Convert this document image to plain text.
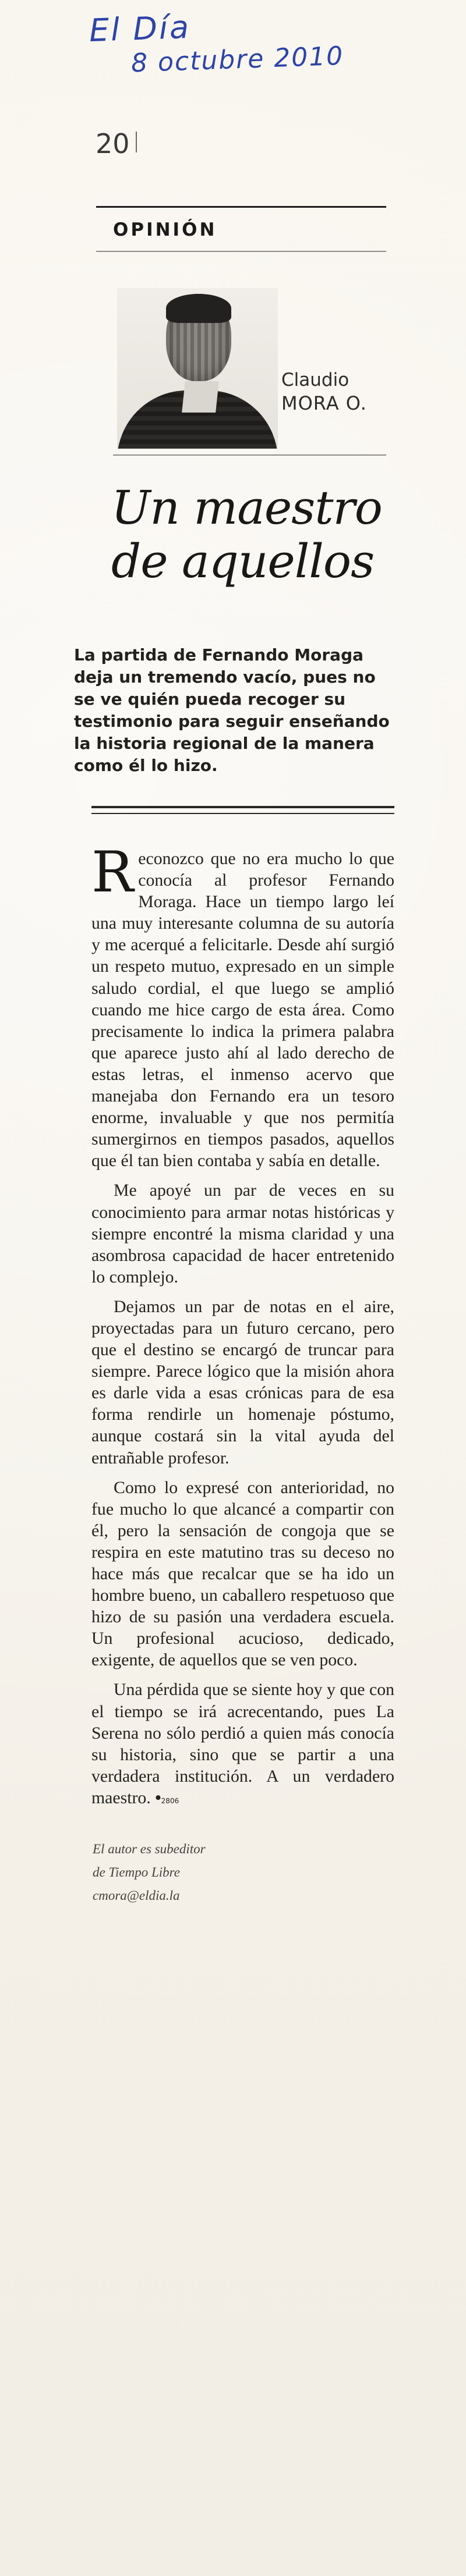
El Día
8 octubre 2010
20
OPINIÓN
Claudio
MORA O.
Un maestro
de aquellos
La partida de Fernando Moraga deja un tremendo vacío, pues no se ve quién pueda recoger su testimonio para seguir enseñando la historia regional de la manera como él lo hizo.

Reconozco que no era mucho lo que conocía al profesor Fernando Moraga. Hace un tiempo largo leí una muy interesante columna de su autoría y me acerqué a felicitarle. Desde ahí surgió un respeto mutuo, expresado en un simple saludo cordial, el que luego se amplió cuando me hice cargo de esta área. Como precisamente lo indica la primera palabra que aparece justo ahí al lado derecho de estas letras, el inmenso acervo que manejaba don Fernando era un tesoro enorme, invaluable y que nos permitía sumergirnos en tiempos pasados, aquellos que él tan bien contaba y sabía en detalle.

Me apoyé un par de veces en su conocimiento para armar notas históricas y siempre encontré la misma claridad y una asombrosa capacidad de hacer entretenido lo complejo.

Dejamos un par de notas en el aire, proyectadas para un futuro cercano, pero que el destino se encargó de truncar para siempre. Parece lógico que la misión ahora es darle vida a esas crónicas para de esa forma rendirle un homenaje póstumo, aunque costará sin la vital ayuda del entrañable profesor.

Como lo expresé con anterioridad, no fue mucho lo que alcancé a compartir con él, pero la sensación de congoja que se respira en este matutino tras su deceso no hace más que recalcar que se ha ido un hombre bueno, un caballero respetuoso que hizo de su pasión una verdadera escuela. Un profesional acucioso, dedicado, exigente, de aquellos que se ven poco.

Una pérdida que se siente hoy y que con el tiempo se irá acrecentando, pues La Serena no sólo perdió a quien más conocía su historia, sino que se partir a una verdadera institución. A un verdadero maestro. •2806

El autor es subeditor
de Tiempo Libre
cmora@eldia.la
